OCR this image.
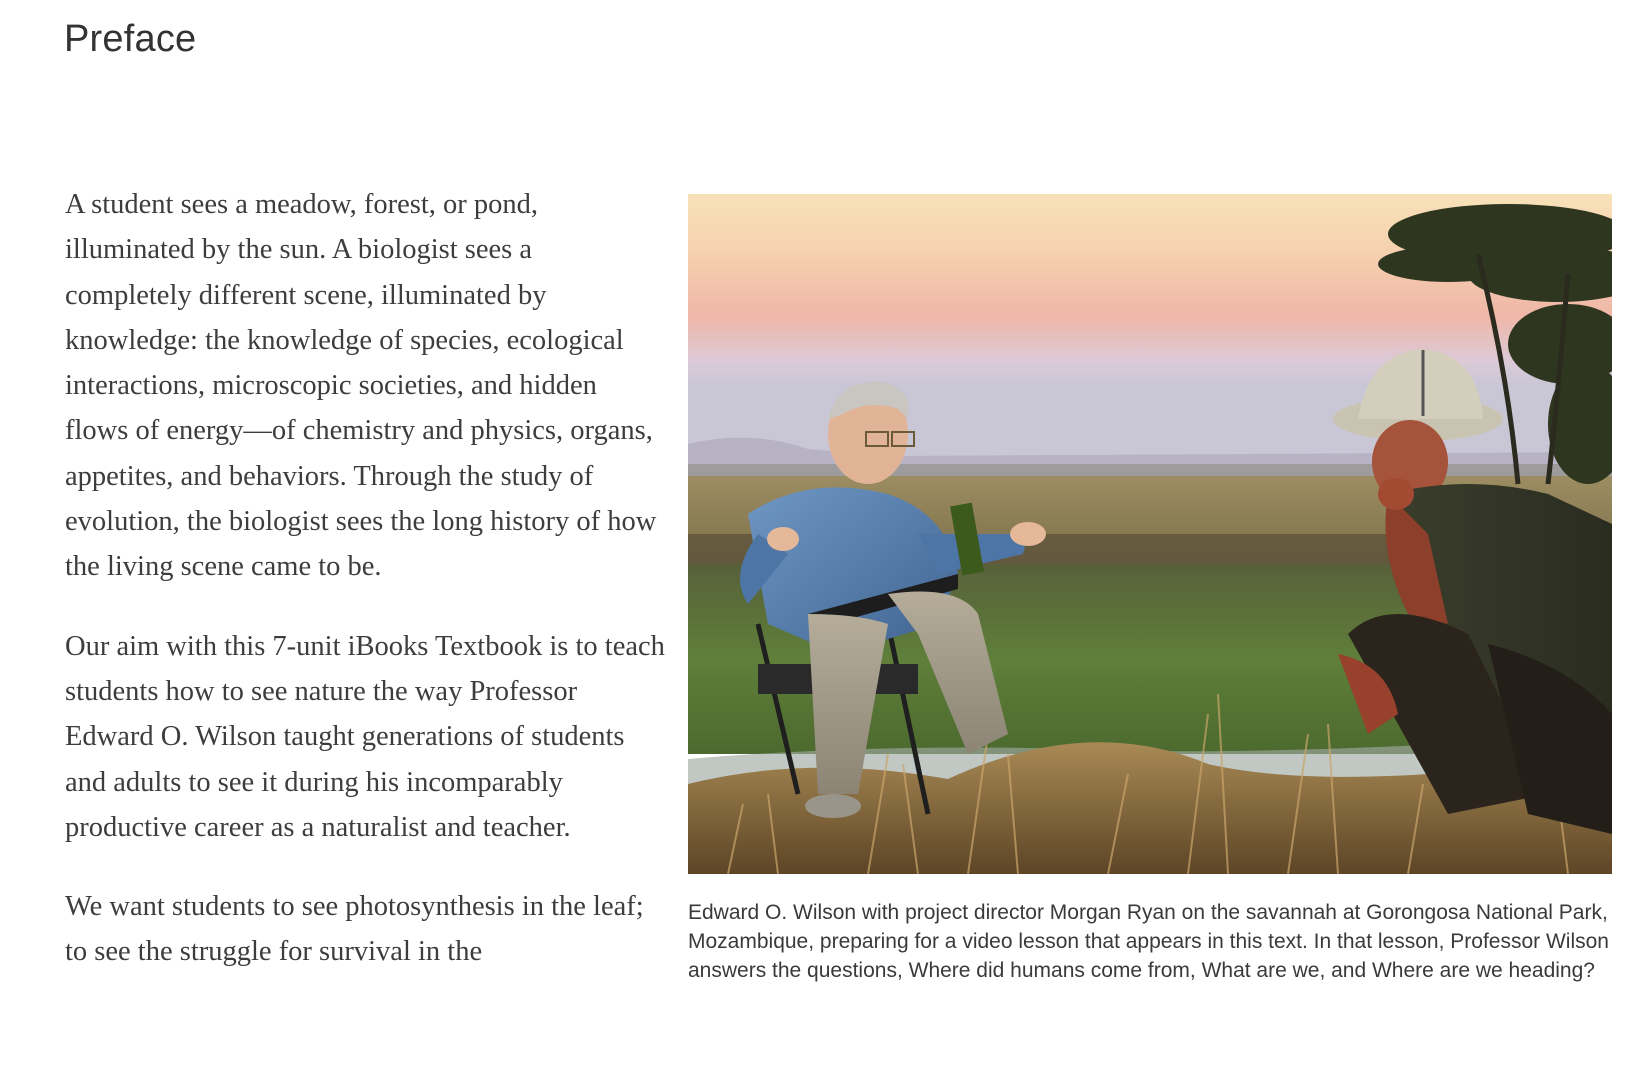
Preface

A student sees a meadow, forest, or pond, illuminated by the sun. A biologist sees a completely different scene, illuminated by knowledge: the knowledge of species, ecological interactions, microscopic societies, and hidden flows of energy—of chemistry and physics, organs, appetites, and behaviors. Through the study of evolution, the biologist sees the long history of how the living scene came to be.

Our aim with this 7-unit iBooks Textbook is to teach students how to see nature the way Professor Edward O. Wilson taught generations of students and adults to see it during his incomparably productive career as a naturalist and teacher.

We want students to see photosynthesis in the leaf; to see the struggle for survival in the

Edward O. Wilson with project director Morgan Ryan on the savannah at Gorongosa National Park, Mozambique, preparing for a video lesson that appears in this text. In that lesson, Professor Wilson answers the questions, Where did humans come from, What are we, and Where are we heading?
